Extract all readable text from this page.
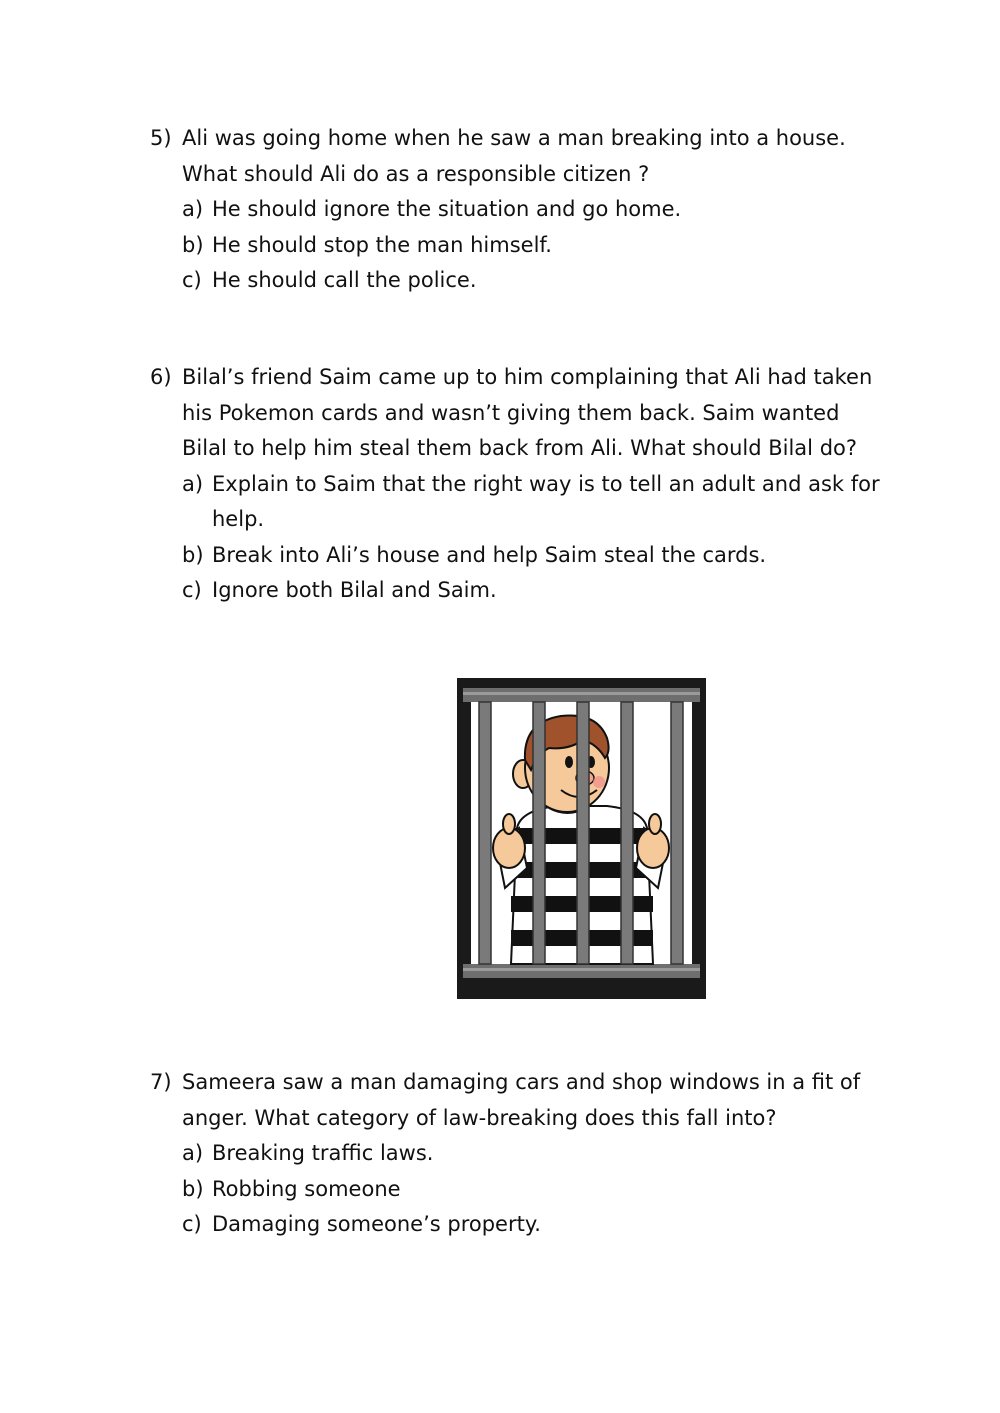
5) Ali was going home when he saw a man breaking into a house. What should Ali do as a responsible citizen ?
a) He should ignore the situation and go home.
b) He should stop the man himself.
c) He should call the police.
6) Bilal’s friend Saim came up to him complaining that Ali had taken his Pokemon cards and wasn’t giving them back. Saim wanted Bilal to help him steal them back from Ali. What should Bilal do?
a) Explain to Saim that the right way is to tell an adult and ask for help.
b) Break into Ali’s house and help Saim steal the cards.
c) Ignore both Bilal and Saim.
7) Sameera saw a man damaging cars and shop windows in a fit of anger. What category of law-breaking does this fall into?
a) Breaking traffic laws.
b) Robbing someone
c) Damaging someone’s property.
